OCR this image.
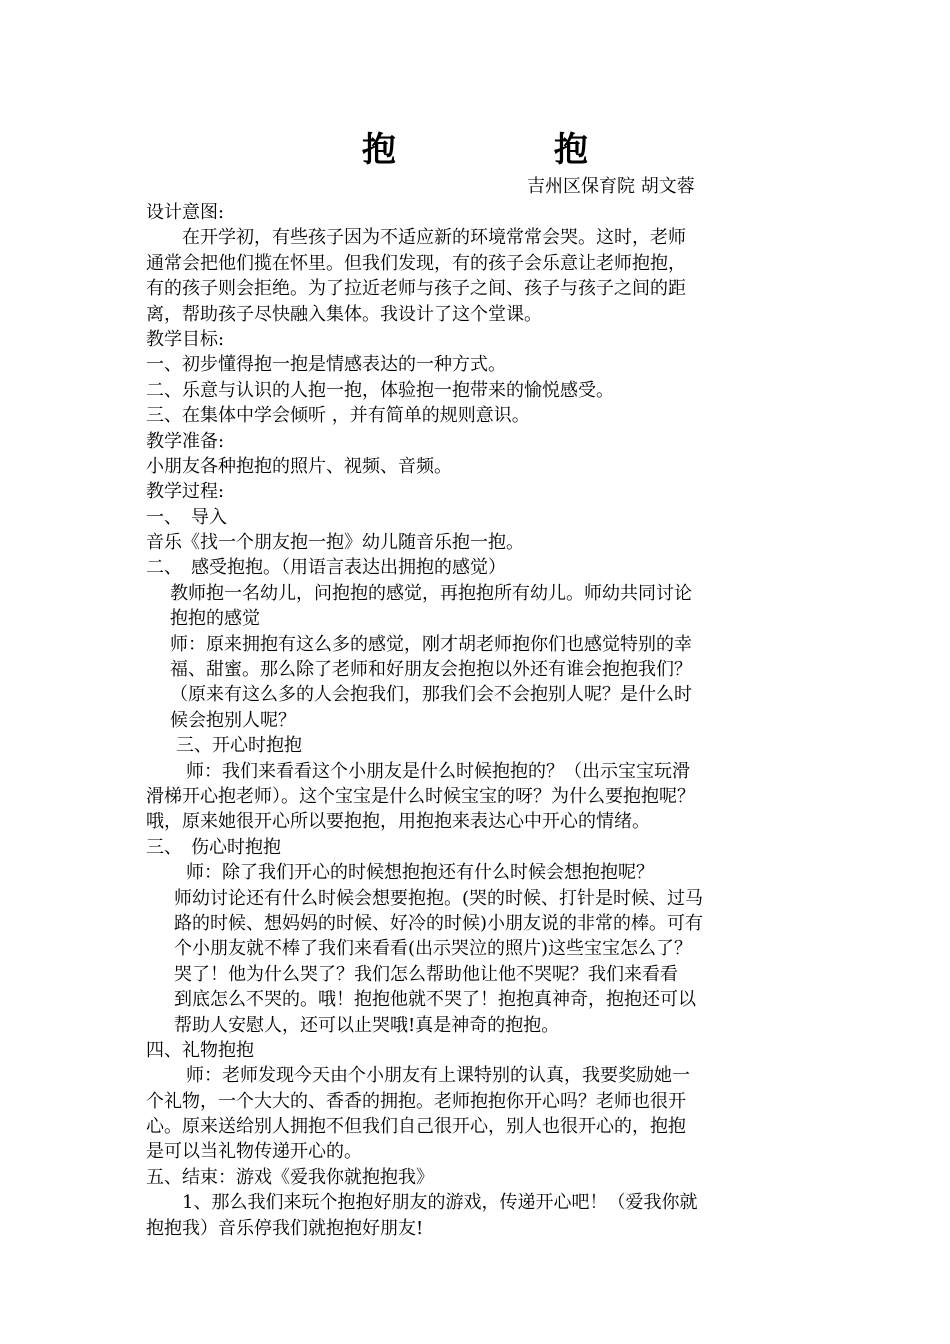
抱　抱
吉州区保育院 胡文蓉
设计意图:
在开学初，有些孩子因为不适应新的环境常常会哭。这时，老师
通常会把他们揽在怀里。但我们发现，有的孩子会乐意让老师抱抱，
有的孩子则会拒绝。为了拉近老师与孩子之间、孩子与孩子之间的距
离，帮助孩子尽快融入集体。我设计了这个堂课。
教学目标:
一、初步懂得抱一抱是情感表达的一种方式。
二、乐意与认识的人抱一抱，体验抱一抱带来的愉悦感受。
三、在集体中学会倾听 ，并有简单的规则意识。
教学准备:
小朋友各种抱抱的照片、视频、音频。
教学过程:
一、　导入
音乐《找一个朋友抱一抱》幼儿随音乐抱一抱。
二、　感受抱抱。（用语言表达出拥抱的感觉）
教师抱一名幼儿，问抱抱的感觉，再抱抱所有幼儿。师幼共同讨论
抱抱的感觉
师：原来拥抱有这么多的感觉，刚才胡老师抱你们也感觉特别的幸
福、甜蜜。那么除了老师和好朋友会抱抱以外还有谁会抱抱我们？
（原来有这么多的人会抱我们，那我们会不会抱别人呢？是什么时
候会抱别人呢？
三、开心时抱抱
师：我们来看看这个小朋友是什么时候抱抱的？（出示宝宝玩滑
滑梯开心抱老师）。这个宝宝是什么时候宝宝的呀？为什么要抱抱呢？
哦，原来她很开心所以要抱抱，用抱抱来表达心中开心的情绪。
三、　伤心时抱抱
师：除了我们开心的时候想抱抱还有什么时候会想抱抱呢？
师幼讨论还有什么时候会想要抱抱。(哭的时候、打针是时候、过马
路的时候、想妈妈的时候、好冷的时候)小朋友说的非常的棒。可有
个小朋友就不棒了我们来看看(出示哭泣的照片)这些宝宝怎么了？
哭了！他为什么哭了？我们怎么帮助他让他不哭呢？我们来看看
到底怎么不哭的。哦！抱抱他就不哭了！抱抱真神奇，抱抱还可以
帮助人安慰人，还可以止哭哦!真是神奇的抱抱。
四、礼物抱抱
师：老师发现今天由个小朋友有上课特别的认真，我要奖励她一
个礼物，一个大大的、香香的拥抱。老师抱抱你开心吗？老师也很开
心。原来送给别人拥抱不但我们自己很开心，别人也很开心的，抱抱
是可以当礼物传递开心的。
五、结束：游戏《爱我你就抱抱我》
1、那么我们来玩个抱抱好朋友的游戏，传递开心吧！（爱我你就
抱抱我）音乐停我们就抱抱好朋友!
